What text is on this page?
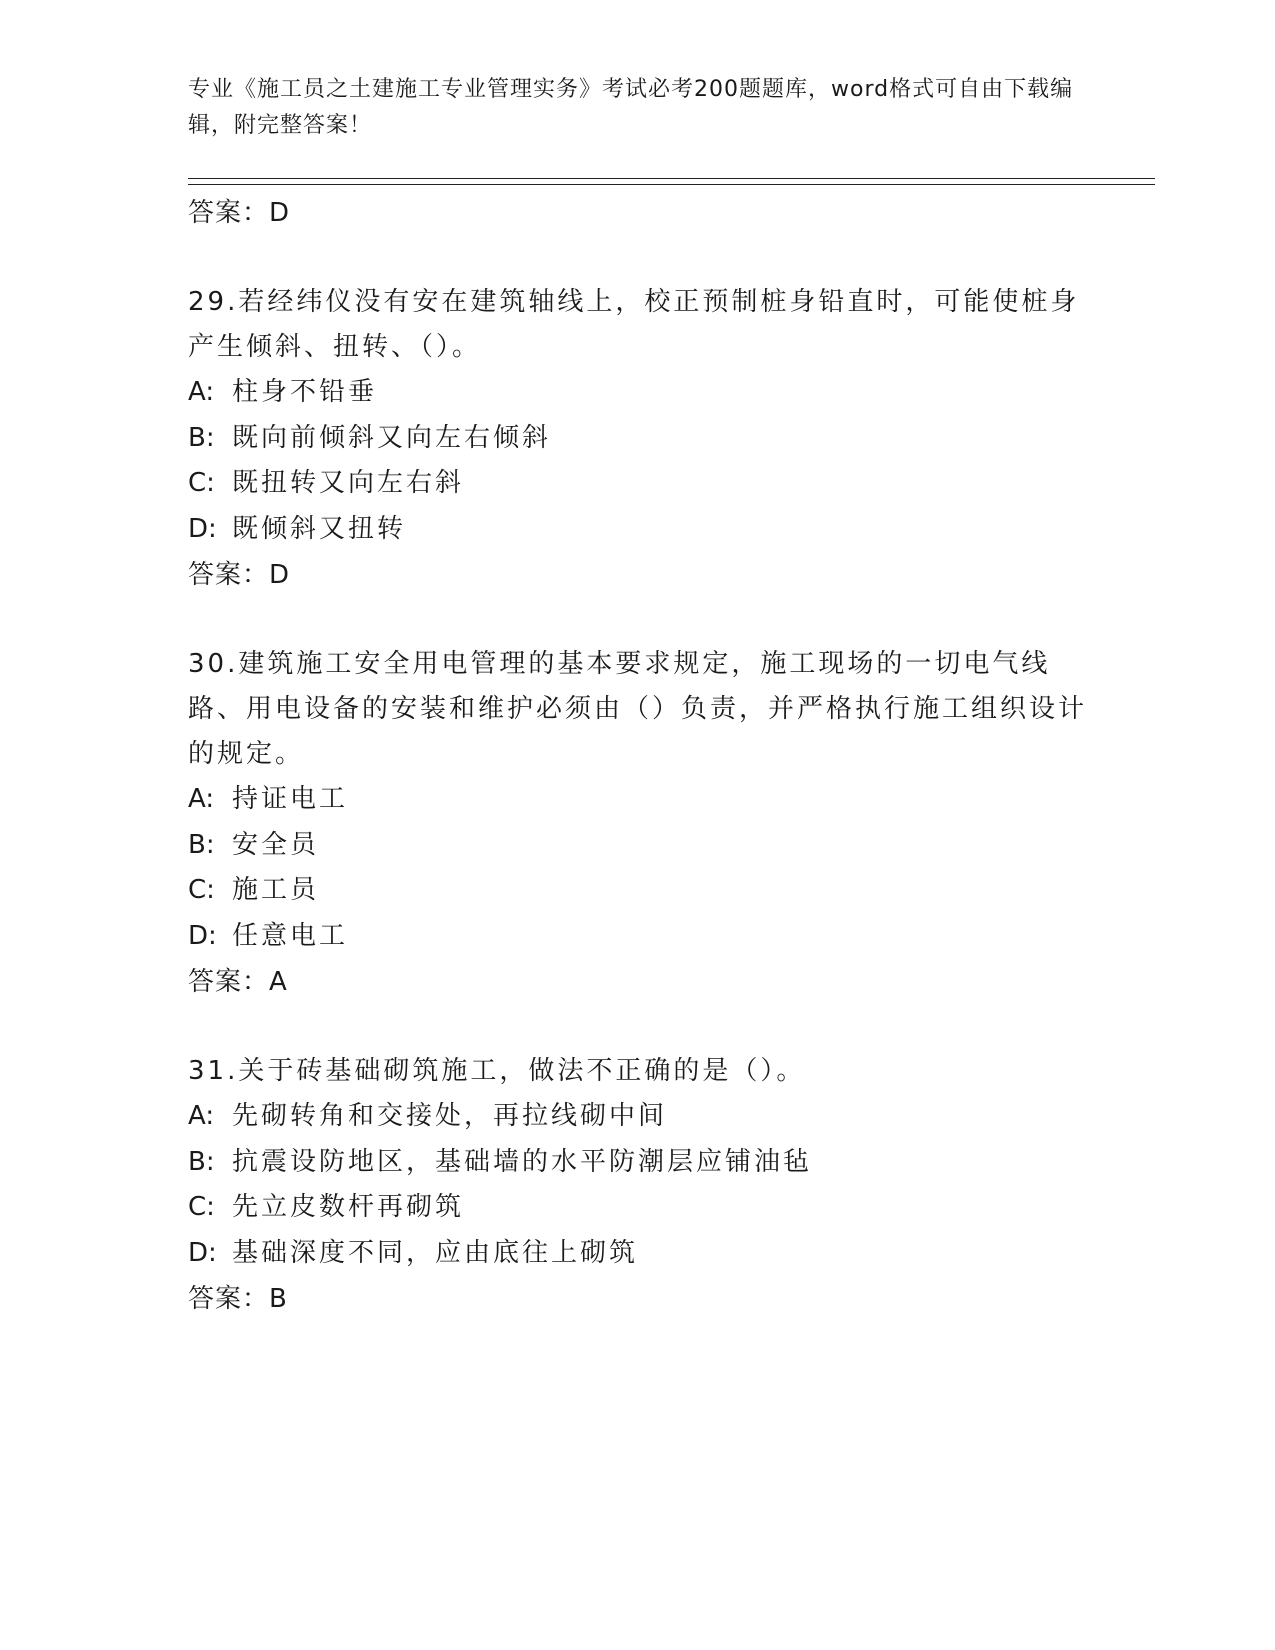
专业《施工员之土建施工专业管理实务》考试必考200题题库，word格式可自由下载编辑，附完整答案！
答案：D
29.若经纬仪没有安在建筑轴线上，校正预制桩身铅直时，可能使桩身产生倾斜、扭转、（）。
A: 柱身不铅垂
B: 既向前倾斜又向左右倾斜
C: 既扭转又向左右斜
D: 既倾斜又扭转
答案：D
30.建筑施工安全用电管理的基本要求规定，施工现场的一切电气线路、用电设备的安装和维护必须由（）负责，并严格执行施工组织设计的规定。
A: 持证电工
B: 安全员
C: 施工员
D: 任意电工
答案：A
31.关于砖基础砌筑施工，做法不正确的是（）。
A: 先砌转角和交接处，再拉线砌中间
B: 抗震设防地区，基础墙的水平防潮层应铺油毡
C: 先立皮数杆再砌筑
D: 基础深度不同，应由底往上砌筑
答案：B
